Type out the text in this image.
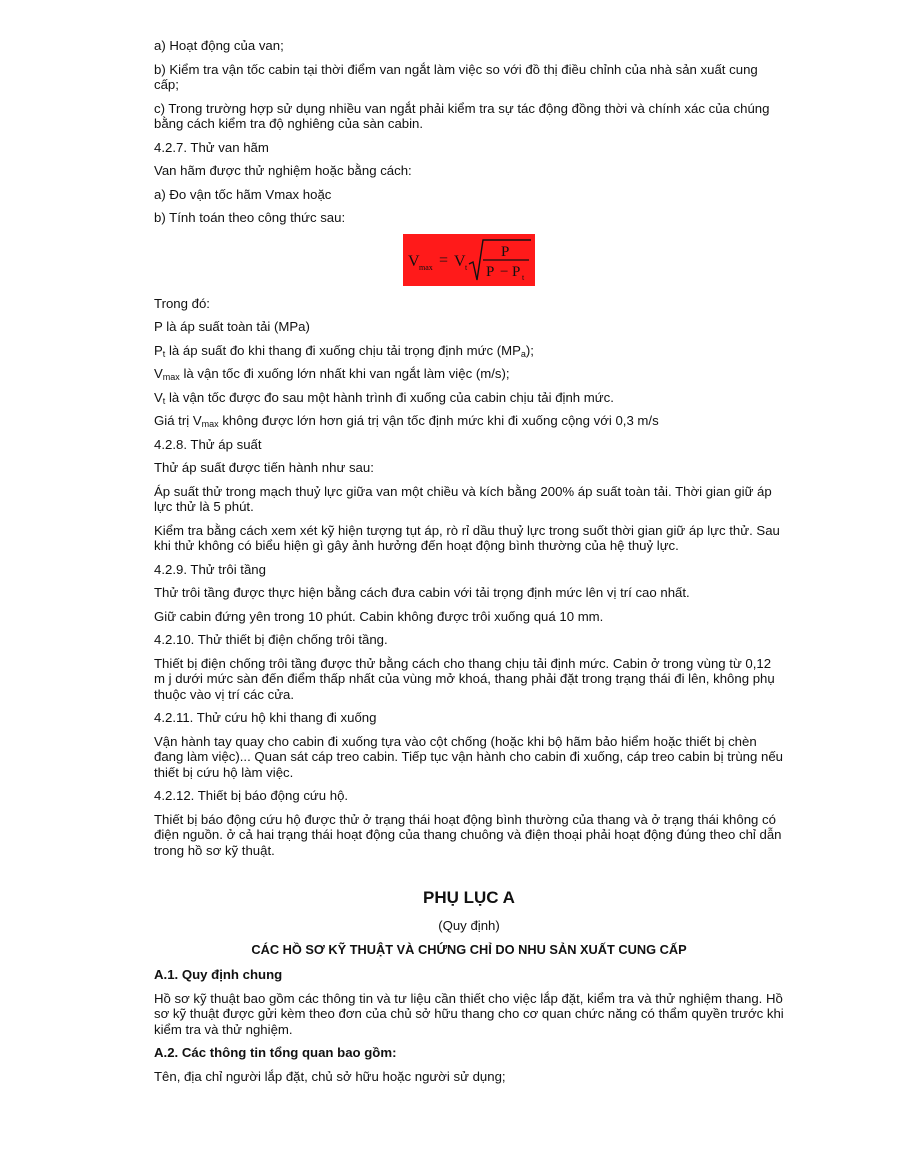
a) Hoạt động của van;

b) Kiểm tra vận tốc cabin tại thời điểm van ngắt làm việc so với đồ thị điều chỉnh của nhà sản xuất cung cấp;

c) Trong trường hợp sử dụng nhiều van ngắt phải kiểm tra sự tác động đồng thời và chính xác của chúng bằng cách kiểm tra độ nghiêng của sàn cabin.

4.2.7. Thử van hãm

Van hãm được thử nghiệm hoặc bằng cách:

a) Đo vận tốc hãm Vmax hoặc

b) Tính toán theo công thức sau:

V max = V t
P
P − P t

Trong đó:

P là áp suất toàn tải (MPa)

$P_t$ là áp suất đo khi thang đi xuống chịu tải trọng định mức $(MP_a)$;

$V_{max}$ là vận tốc đi xuống lớn nhất khi van ngắt làm việc (m/s);

$V_t$ là vận tốc được đo sau một hành trình đi xuống của cabin chịu tải định mức.

Giá trị $V_{max}$ không được lớn hơn giá trị vận tốc định mức khi đi xuống cộng với 0,3 m/s

4.2.8. Thử áp suất

Thử áp suất được tiến hành như sau:

Áp suất thử trong mạch thuỷ lực giữa van một chiều và kích bằng 200% áp suất toàn tải. Thời gian giữ áp lực thử là 5 phút.

Kiểm tra bằng cách xem xét kỹ hiện tượng tụt áp, rò rỉ dầu thuỷ lực trong suốt thời gian giữ áp lực thử. Sau khi thử không có biểu hiện gì gây ảnh hưởng đến hoạt động bình thường của hệ thuỷ lực.

4.2.9. Thử trôi tầng

Thử trôi tầng được thực hiện bằng cách đưa cabin với tải trọng định mức lên vị trí cao nhất.

Giữ cabin đứng yên trong 10 phút. Cabin không được trôi xuống quá 10 mm.

4.2.10. Thử thiết bị điện chống trôi tầng.

Thiết bị điện chống trôi tầng được thử bằng cách cho thang chịu tải định mức. Cabin ở trong vùng từ 0,12 m j dưới mức sàn đến điểm thấp nhất của vùng mở khoá, thang phải đặt trong trạng thái đi lên, không phụ thuộc vào vị trí các cửa.

4.2.11. Thử cứu hộ khi thang đi xuống

Vận hành tay quay cho cabin đi xuống tựa vào cột chống (hoặc khi bộ hãm bảo hiểm hoặc thiết bị chèn đang làm việc)... Quan sát cáp treo cabin. Tiếp tục vận hành cho cabin đi xuống, cáp treo cabin bị trùng nếu thiết bị cứu hộ làm việc.

4.2.12. Thiết bị báo động cứu hộ.

Thiết bị báo động cứu hộ được thử ở trạng thái hoạt động bình thường của thang và ở trạng thái không có điện nguồn. ở cả hai trạng thái hoạt động của thang chuông và điện thoại phải hoạt động đúng theo chỉ dẫn trong hồ sơ kỹ thuật.

PHỤ LỤC A

(Quy định)

CÁC HỒ SƠ KỸ THUẬT VÀ CHỨNG CHỈ DO NHU SẢN XUẤT CUNG CẤP

A.1. Quy định chung

Hồ sơ kỹ thuật bao gồm các thông tin và tư liệu cần thiết cho việc lắp đặt, kiểm tra và thử nghiệm thang. Hồ sơ kỹ thuật được gửi kèm theo đơn của chủ sở hữu thang cho cơ quan chức năng có thẩm quyền trước khi kiểm tra và thử nghiệm.

A.2. Các thông tin tổng quan bao gồm:

Tên, địa chỉ người lắp đặt, chủ sở hữu hoặc người sử dụng;
